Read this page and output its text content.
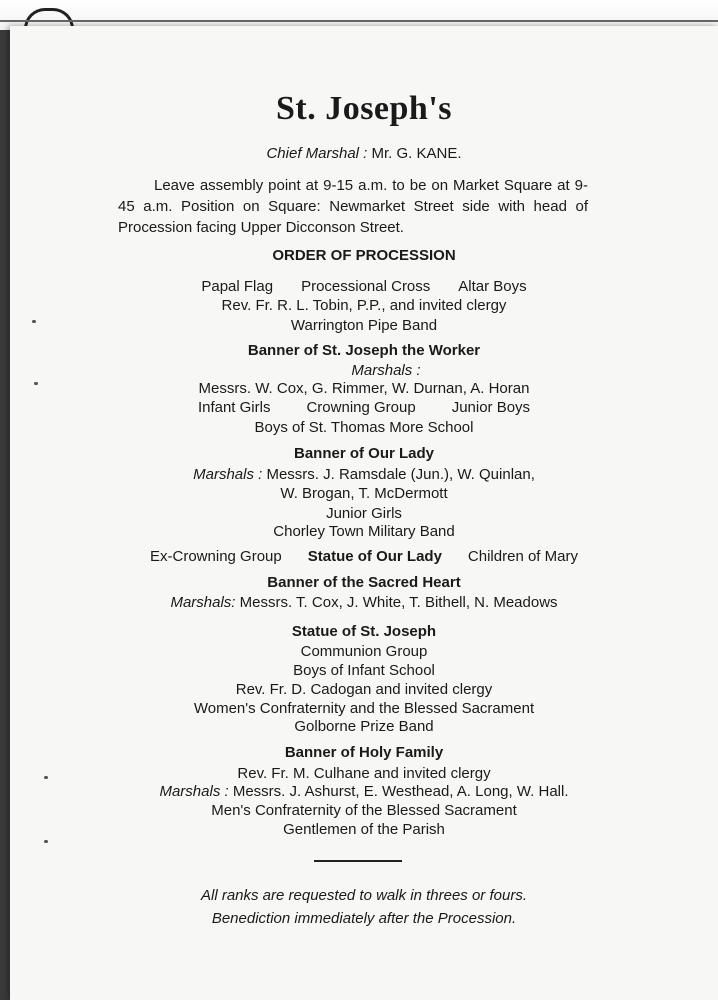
St. Joseph's

Chief Marshal : Mr. G. KANE.

Leave assembly point at 9-15 a.m. to be on Market Square at 9-45 a.m. Position on Square: Newmarket Street side with head of Procession facing Upper Dicconson Street.

ORDER OF PROCESSION

Papal Flag Processional Cross Altar Boys

Rev. Fr. R. L. Tobin, P.P., and invited clergy

Warrington Pipe Band

Banner of St. Joseph the Worker

Marshals :

Messrs. W. Cox, G. Rimmer, W. Durnan, A. Horan

Infant Girls Crowning Group Junior Boys

Boys of St. Thomas More School

Banner of Our Lady

Marshals : Messrs. J. Ramsdale (Jun.), W. Quinlan,

W. Brogan, T. McDermott

Junior Girls

Chorley Town Military Band

Ex-Crowning Group Statue of Our Lady Children of Mary

Banner of the Sacred Heart

Marshals: Messrs. T. Cox, J. White, T. Bithell, N. Meadows

Statue of St. Joseph

Communion Group

Boys of Infant School

Rev. Fr. D. Cadogan and invited clergy

Women's Confraternity and the Blessed Sacrament

Golborne Prize Band

Banner of Holy Family

Rev. Fr. M. Culhane and invited clergy

Marshals : Messrs. J. Ashurst, E. Westhead, A. Long, W. Hall.

Men's Confraternity of the Blessed Sacrament

Gentlemen of the Parish

All ranks are requested to walk in threes or fours.

Benediction immediately after the Procession.
